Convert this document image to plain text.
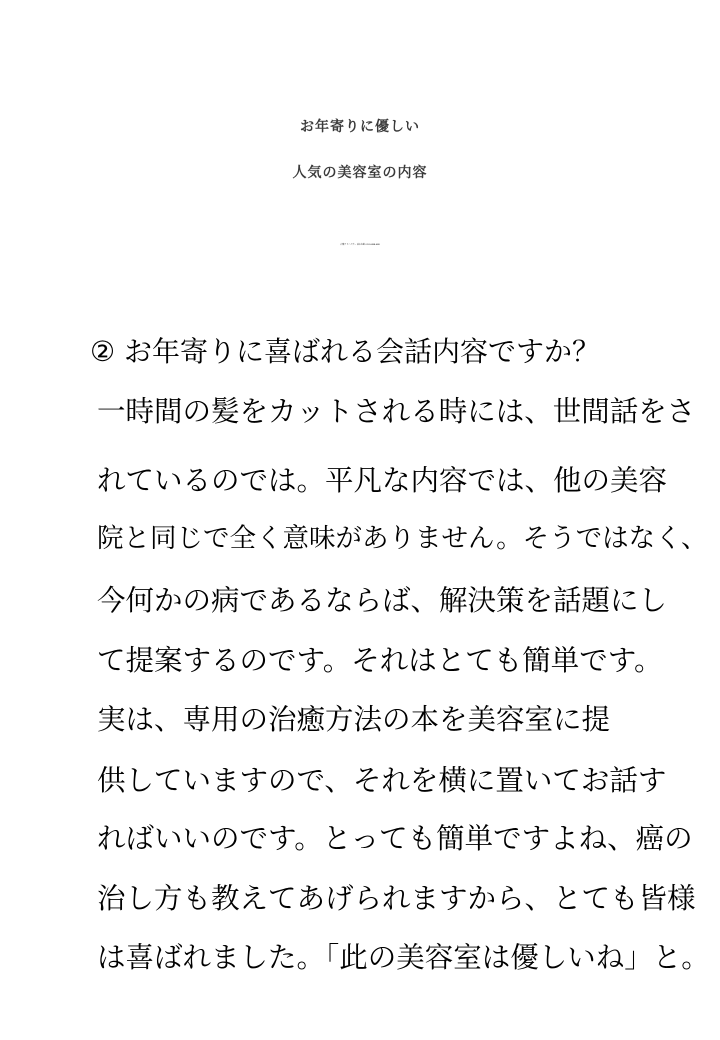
お年寄りに優しい
人気の美容室の内容
店舗アドバイザー 福本和敏 0120-888-688
② お年寄りに喜ばれる会話内容ですか？
一時間の髪をカットされる時には、世間話をさ
れているのでは。平凡な内容では、他の美容
院と同じで全く意味がありません。そうではなく、
今何かの病であるならば、解決策を話題にし
て提案するのです。それはとても簡単です。
実は、専用の治癒方法の本を美容室に提
供していますので、それを横に置いてお話す
ればいいのです。とっても簡単ですよね、癌の
治し方も教えてあげられますから、とても皆様
は喜ばれました。「此の美容室は優しいね」と。
